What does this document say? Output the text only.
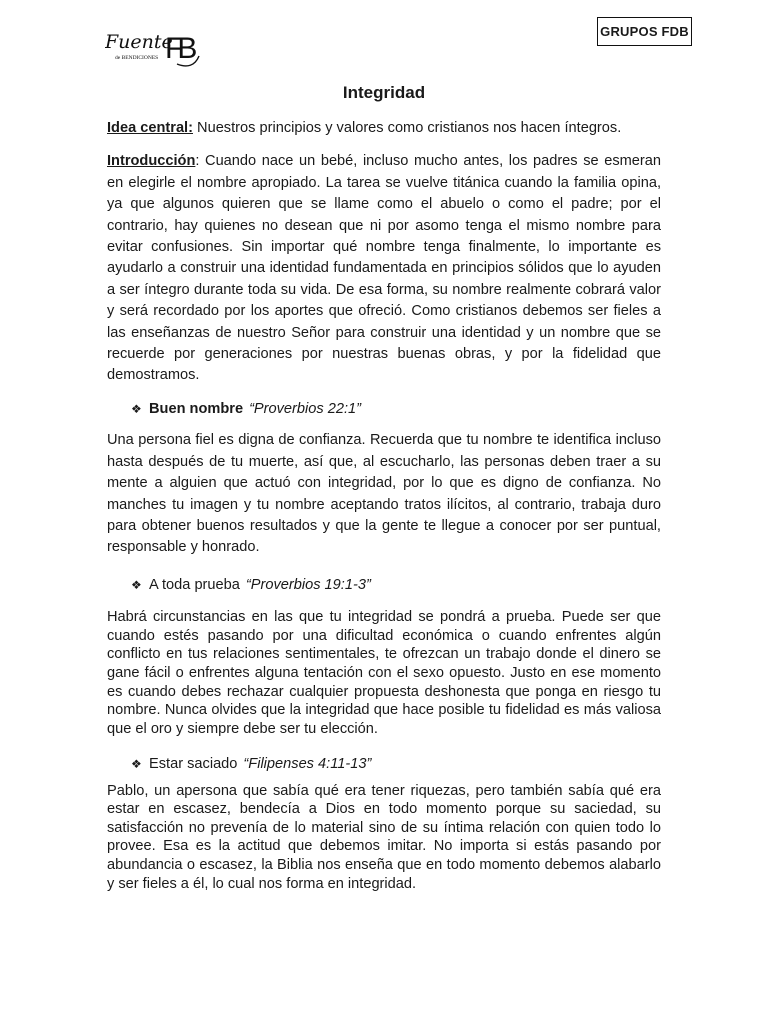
Fuente
de BENDICIONES FB
GRUPOS FDB
Integridad

Idea central: Nuestros principios y valores como cristianos nos hacen íntegros.

Introducción: Cuando nace un bebé, incluso mucho antes, los padres se esmeran en elegirle el nombre apropiado. La tarea se vuelve titánica cuando la familia opina, ya que algunos quieren que se llame como el abuelo o como el padre; por el contrario, hay quienes no desean que ni por asomo tenga el mismo nombre para evitar confusiones. Sin importar qué nombre tenga finalmente, lo importante es ayudarlo a construir una identidad fundamentada en principios sólidos que lo ayuden a ser íntegro durante toda su vida. De esa forma, su nombre realmente cobrará valor y será recordado por los aportes que ofreció. Como cristianos debemos ser fieles a las enseñanzas de nuestro Señor para construir una identidad y un nombre que se recuerde por generaciones por nuestras buenas obras, y por la fidelidad que demostramos.

❖ Buen nombre “Proverbios 22:1”

Una persona fiel es digna de confianza. Recuerda que tu nombre te identifica incluso hasta después de tu muerte, así que, al escucharlo, las personas deben traer a su mente a alguien que actuó con integridad, por lo que es digno de confianza. No manches tu imagen y tu nombre aceptando tratos ilícitos, al contrario, trabaja duro para obtener buenos resultados y que la gente te llegue a conocer por ser puntual, responsable y honrado.

❖ A toda prueba “Proverbios 19:1-3”

Habrá circunstancias en las que tu integridad se pondrá a prueba. Puede ser que cuando estés pasando por una dificultad económica o cuando enfrentes algún conflicto en tus relaciones sentimentales, te ofrezcan un trabajo donde el dinero se gane fácil o enfrentes alguna tentación con el sexo opuesto. Justo en ese momento es cuando debes rechazar cualquier propuesta deshonesta que ponga en riesgo tu nombre. Nunca olvides que la integridad que hace posible tu fidelidad es más valiosa que el oro y siempre debe ser tu elección.

❖ Estar saciado “Filipenses 4:11-13”

Pablo, un apersona que sabía qué era tener riquezas, pero también sabía qué era estar en escasez, bendecía a Dios en todo momento porque su saciedad, su satisfacción no prevenía de lo material sino de su íntima relación con quien todo lo provee. Esa es la actitud que debemos imitar. No importa si estás pasando por abundancia o escasez, la Biblia nos enseña que en todo momento debemos alabarlo y ser fieles a él, lo cual nos forma en integridad.
